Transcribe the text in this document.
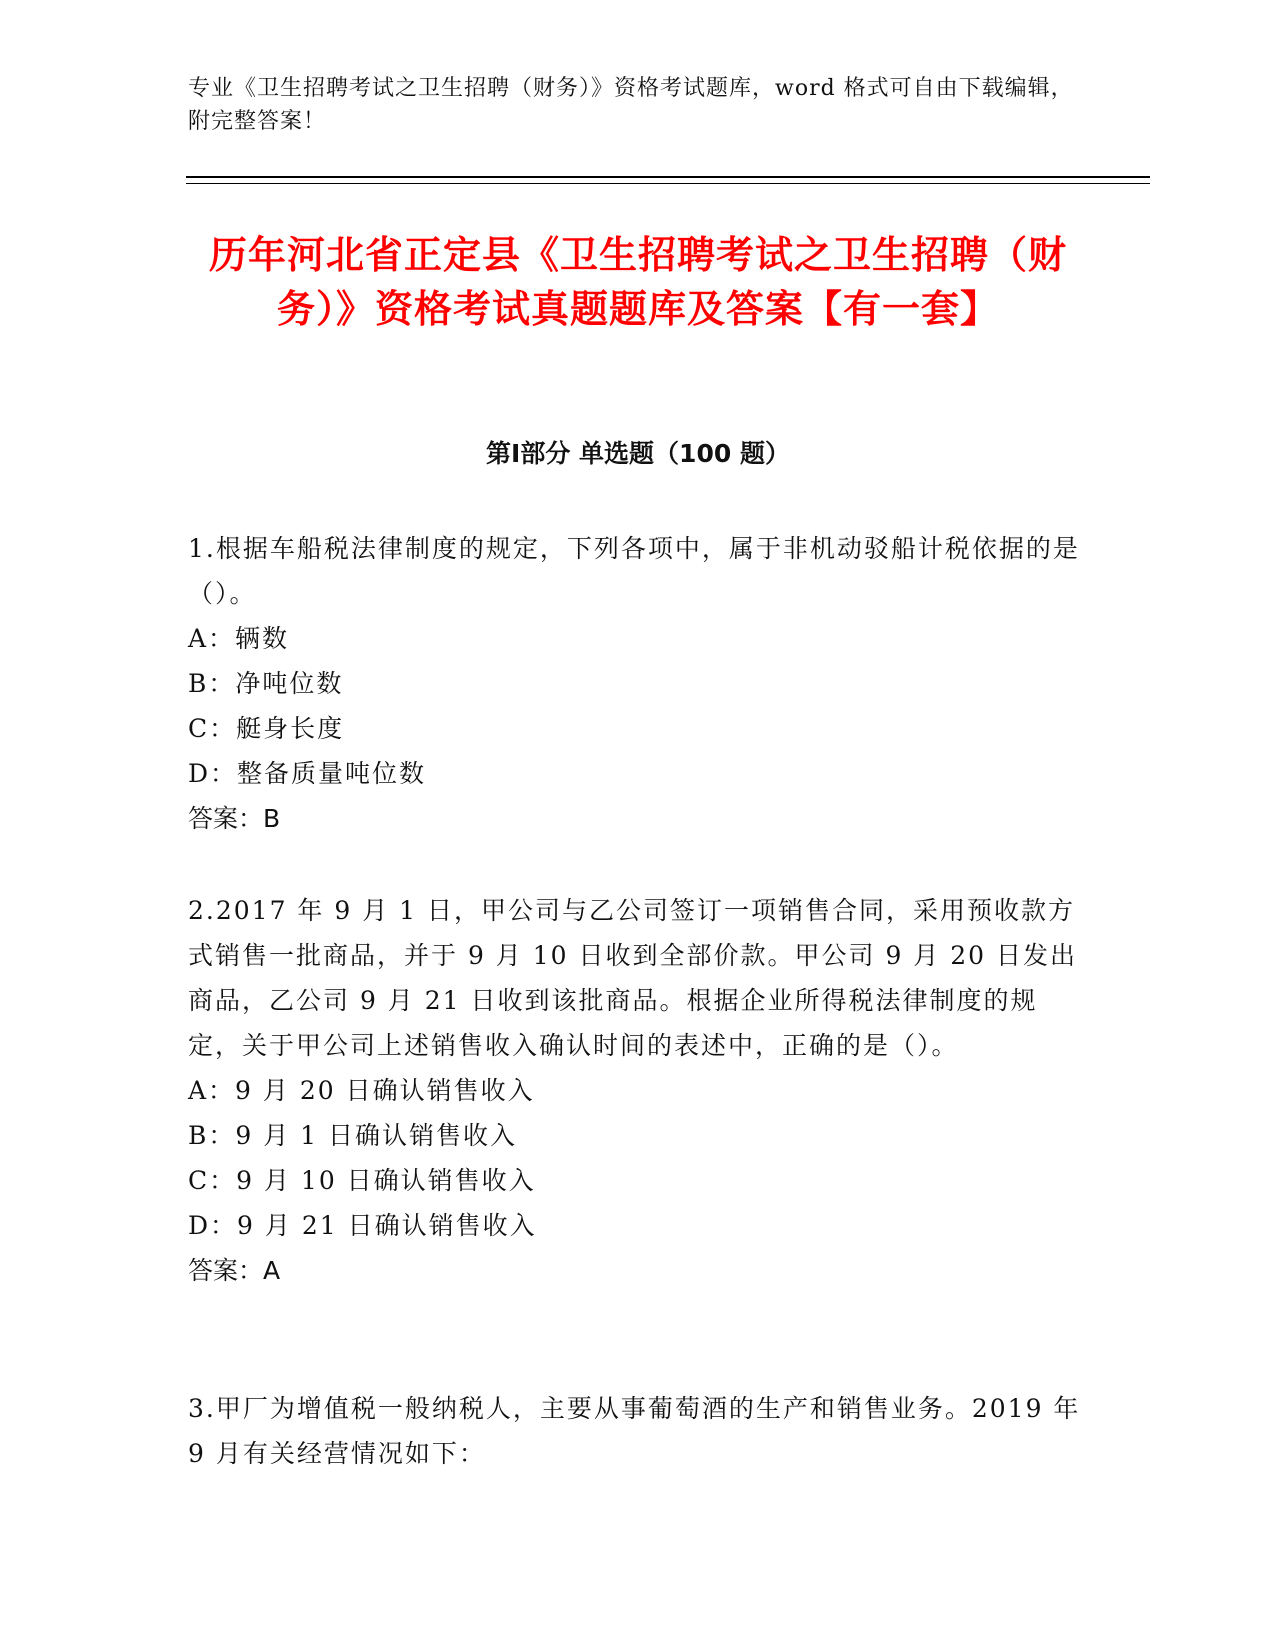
专业《卫生招聘考试之卫生招聘（财务）》资格考试题库，word 格式可自由下载编辑，附完整答案！
历年河北省正定县《卫生招聘考试之卫生招聘（财务）》资格考试真题题库及答案【有一套】
第Ⅰ部分 单选题（100 题）

1.根据车船税法律制度的规定，下列各项中，属于非机动驳船计税依据的是（）。

A：辆数

B：净吨位数

C：艇身长度

D：整备质量吨位数

答案：B

2.2017 年 9 月 1 日，甲公司与乙公司签订一项销售合同，采用预收款方式销售一批商品，并于 9 月 10 日收到全部价款。甲公司 9 月 20 日发出商品，乙公司 9 月 21 日收到该批商品。根据企业所得税法律制度的规定，关于甲公司上述销售收入确认时间的表述中，正确的是（）。

A：9 月 20 日确认销售收入

B：9 月 1 日确认销售收入

C：9 月 10 日确认销售收入

D：9 月 21 日确认销售收入

答案：A

3.甲厂为增值税一般纳税人，主要从事葡萄酒的生产和销售业务。2019 年 9 月有关经营情况如下：
